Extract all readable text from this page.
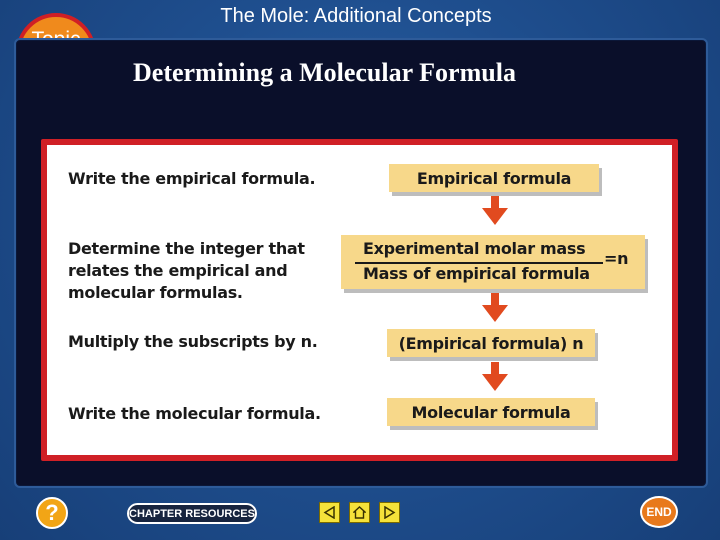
The Mole: Additional Concepts
Determining a Molecular Formula
Write the empirical formula.
Determine the integer that relates the empirical and molecular formulas.
Multiply the subscripts by n.
Write the molecular formula.
Empirical formula
Experimental molar mass
Mass of empirical formula
=n
(Empirical formula) n
Molecular formula
?	CHAPTER RESOURCES	END
